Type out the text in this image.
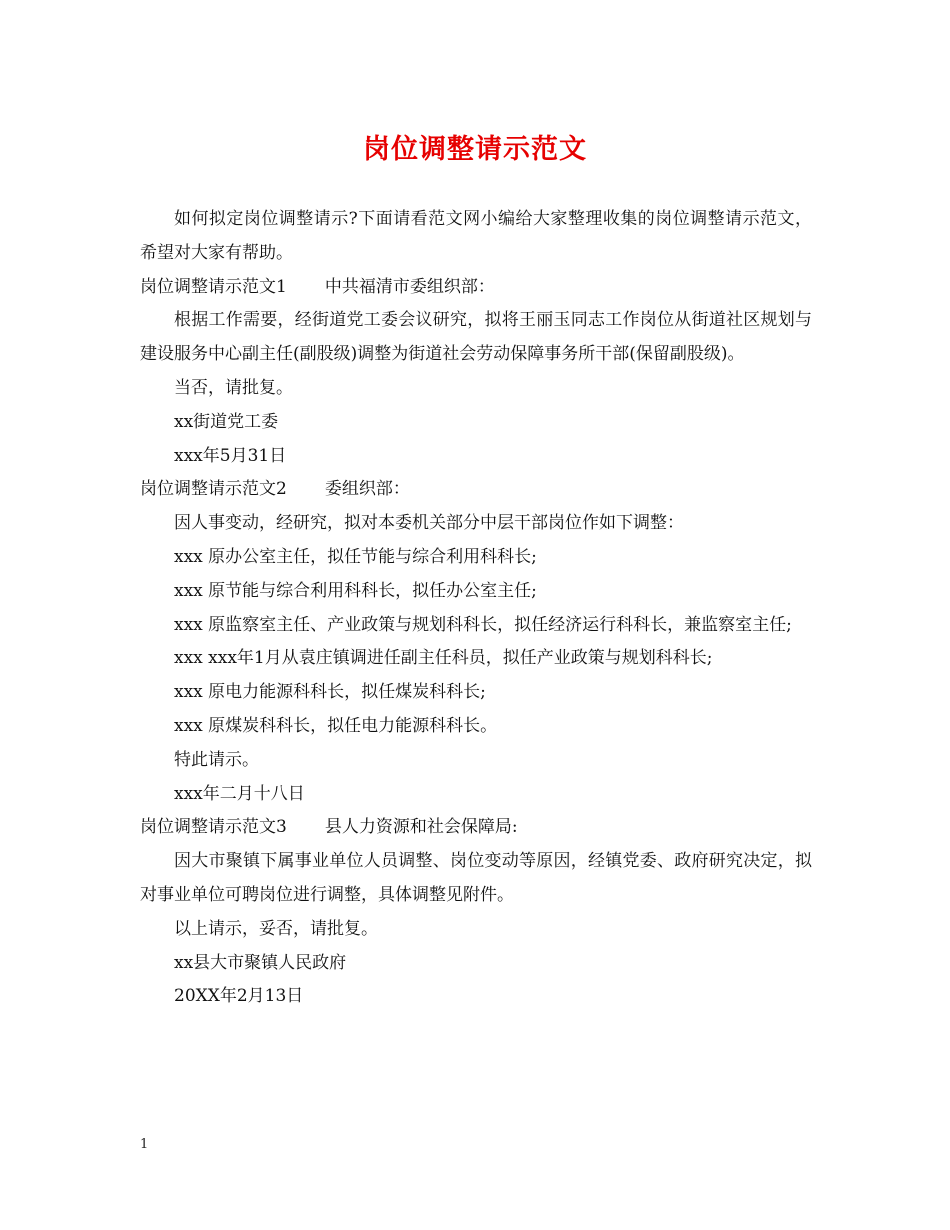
岗位调整请示范文
如何拟定岗位调整请示?下面请看范文网小编给大家整理收集的岗位调整请示范文，希望对大家有帮助。
岗位调整请示范文1 中共福清市委组织部：
根据工作需要，经街道党工委会议研究，拟将王丽玉同志工作岗位从街道社区规划与建设服务中心副主任(副股级)调整为街道社会劳动保障事务所干部(保留副股级)。
当否，请批复。
xx街道党工委
xxx年5月31日
岗位调整请示范文2 委组织部：
因人事变动，经研究，拟对本委机关部分中层干部岗位作如下调整：
xxx 原办公室主任，拟任节能与综合利用科科长;
xxx 原节能与综合利用科科长，拟任办公室主任;
xxx 原监察室主任、产业政策与规划科科长，拟任经济运行科科长，兼监察室主任;
xxx xxx年1月从袁庄镇调进任副主任科员，拟任产业政策与规划科科长;
xxx 原电力能源科科长，拟任煤炭科科长;
xxx 原煤炭科科长，拟任电力能源科科长。
特此请示。
xxx年二月十八日
岗位调整请示范文3 县人力资源和社会保障局:
因大市聚镇下属事业单位人员调整、岗位变动等原因，经镇党委、政府研究决定，拟对事业单位可聘岗位进行调整，具体调整见附件。
以上请示，妥否，请批复。
xx县大市聚镇人民政府
20XX年2月13日
1
